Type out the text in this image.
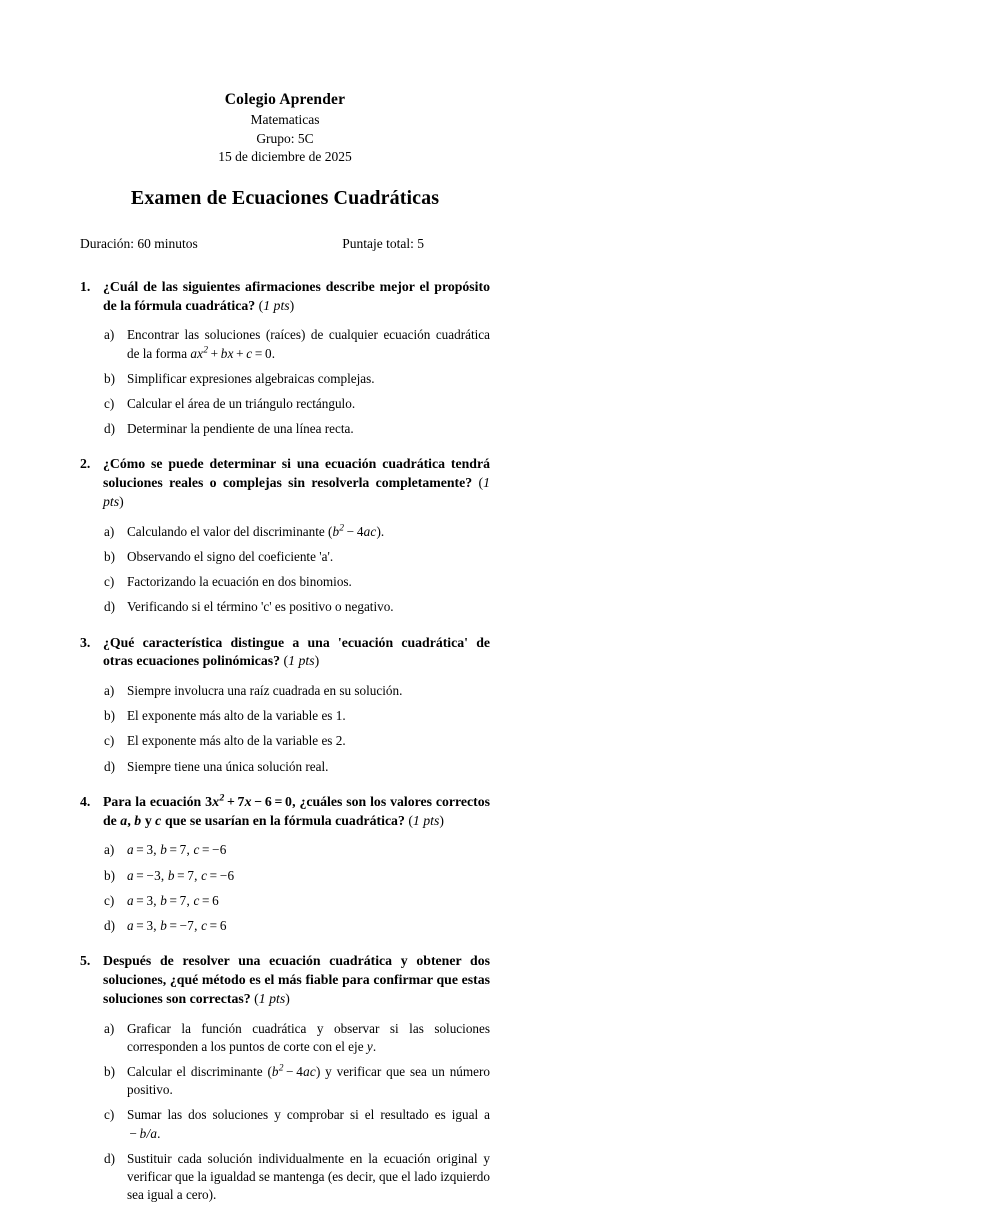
Colegio Aprender
Matematicas
Grupo: 5C
15 de diciembre de 2025
Examen de Ecuaciones Cuadráticas
Duración: 60 minutos	Puntaje total: 5
1. ¿Cuál de las siguientes afirmaciones describe mejor el propósito de la fórmula cuadrática? (1 pts)
a) Encontrar las soluciones (raíces) de cualquier ecuación cuadrática de la forma $ax^2$ + bx + c = 0.
b) Simplificar expresiones algebraicas complejas.
c) Calcular el área de un triángulo rectángulo.
d) Determinar la pendiente de una línea recta.
2. ¿Cómo se puede determinar si una ecuación cuadrática tendrá soluciones reales o complejas sin resolverla completamente? (1 pts)
a) Calculando el valor del discriminante $(b^2 - 4ac)$.
b) Observando el signo del coeficiente 'a'.
c) Factorizando la ecuación en dos binomios.
d) Verificando si el término 'c' es positivo o negativo.
3. ¿Qué característica distingue a una 'ecuación cuadrática' de otras ecuaciones polinómicas? (1 pts)
a) Siempre involucra una raíz cuadrada en su solución.
b) El exponente más alto de la variable es 1.
c) El exponente más alto de la variable es 2.
d) Siempre tiene una única solución real.
4. Para la ecuación $3x^2 + 7x - 6 = 0$, ¿cuáles son los valores correctos de a, b y c que se usarían en la fórmula cuadrática? (1 pts)
a) a = 3, b = 7, c = −6
b) a = −3, b = 7, c = −6
c) a = 3, b = 7, c = 6
d) a = 3, b = −7, c = 6
5. Después de resolver una ecuación cuadrática y obtener dos soluciones, ¿qué método es el más fiable para confirmar que estas soluciones son correctas? (1 pts)
a) Graficar la función cuadrática y observar si las soluciones corresponden a los puntos de corte con el eje y.
b) Calcular el discriminante $(b^2 - 4ac)$ y verificar que sea un número positivo.
c) Sumar las dos soluciones y comprobar si el resultado es igual a − b/a.
d) Sustituir cada solución individualmente en la ecuación original y verificar que la igualdad se mantenga (es decir, que el lado izquierdo sea igual a cero).
